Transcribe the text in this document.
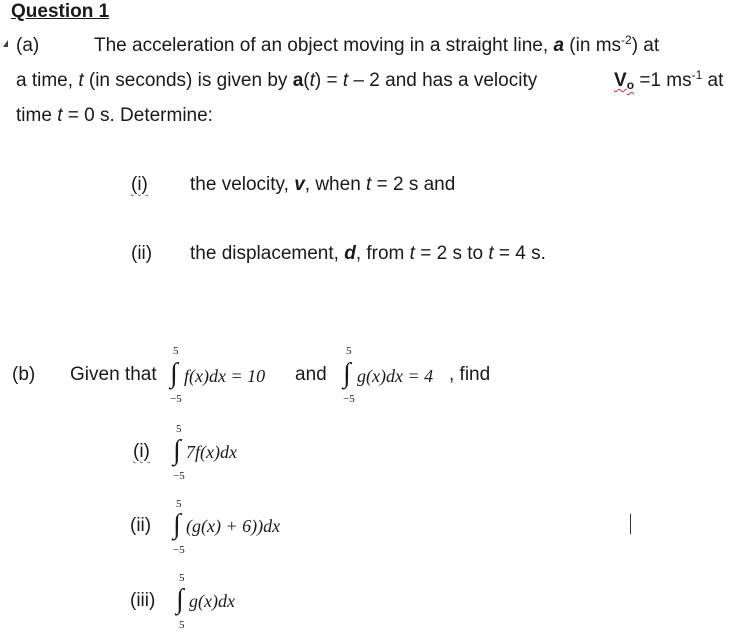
Question 1
(a)	The acceleration of an object moving in a straight line, a (in $ms^{-2}$) at
a time, t (in seconds) is given by a(t) = t – 2 and has a velocity	$V_o =1$ $ms^{-1}$ at
time t = 0 s. Determine:
(i) the velocity, v, when t = 2 s and
(ii) the displacement, d, from t = 2 s to t = 4 s.
(b) Given that
5
∫
−5
f(x)dx = 10 and
5
∫
−5
g(x)dx = 4 , find
(i)
5
∫
−5
7f(x)dx
(ii)
5
∫
−5
(g(x) + 6))dx
(iii)
5
∫
5
g(x)dx
